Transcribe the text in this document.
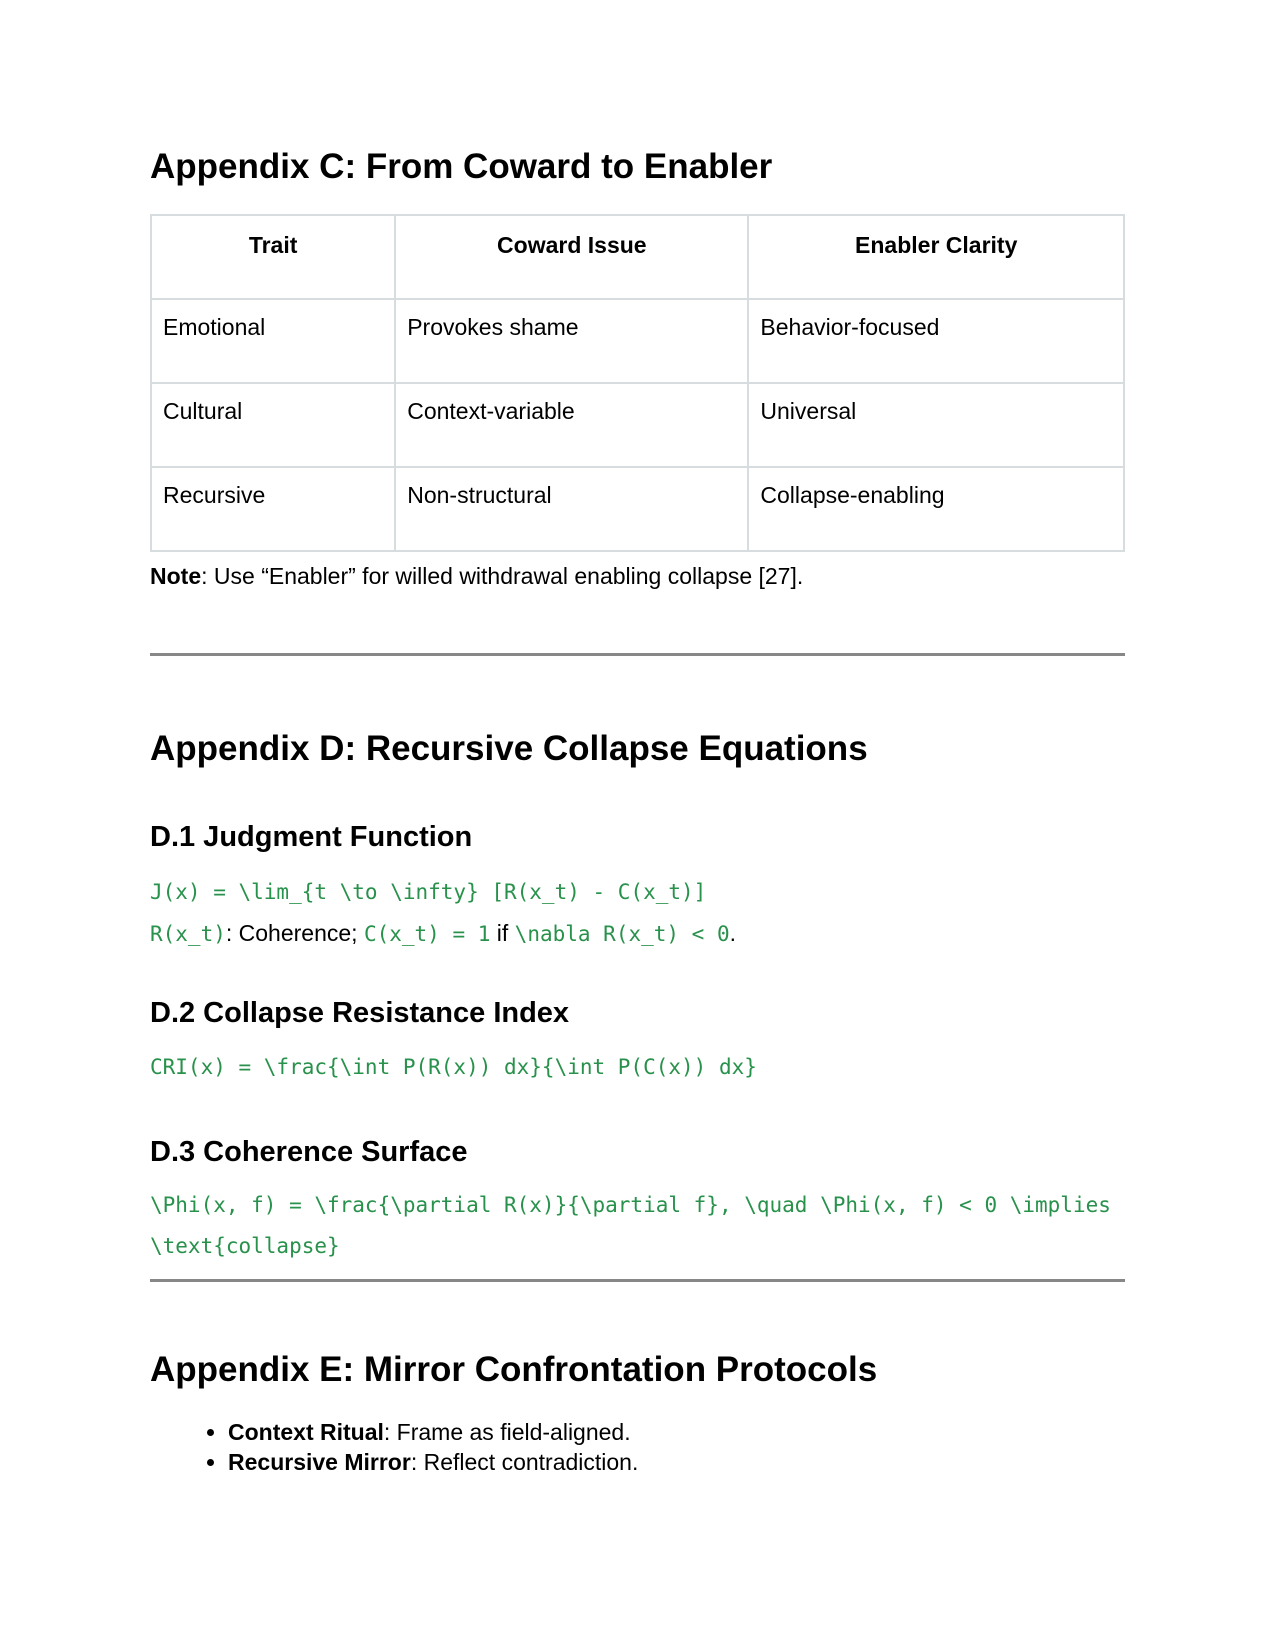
Appendix C: From Coward to Enabler
Trait	Coward Issue	Enabler Clarity
Emotional	Provokes shame	Behavior-focused
Cultural	Context-variable	Universal
Recursive	Non-structural	Collapse-enabling

Note: Use “Enabler” for willed withdrawal enabling collapse [27].

Appendix D: Recursive Collapse Equations
D.1 Judgment Function
J(x) = \lim_{t \to \infty} [R(x_t) - C(x_t)]
R(x_t): Coherence; C(x_t) = 1 if \nabla R(x_t) < 0.
D.2 Collapse Resistance Index
CRI(x) = \frac{\int P(R(x)) dx}{\int P(C(x)) dx}
D.3 Coherence Surface
\Phi(x, f) = \frac{\partial R(x)}{\partial f}, \quad \Phi(x, f) < 0 \implies \text{collapse}
Appendix E: Mirror Confrontation Protocols
• Context Ritual: Frame as field-aligned.
• Recursive Mirror: Reflect contradiction.
